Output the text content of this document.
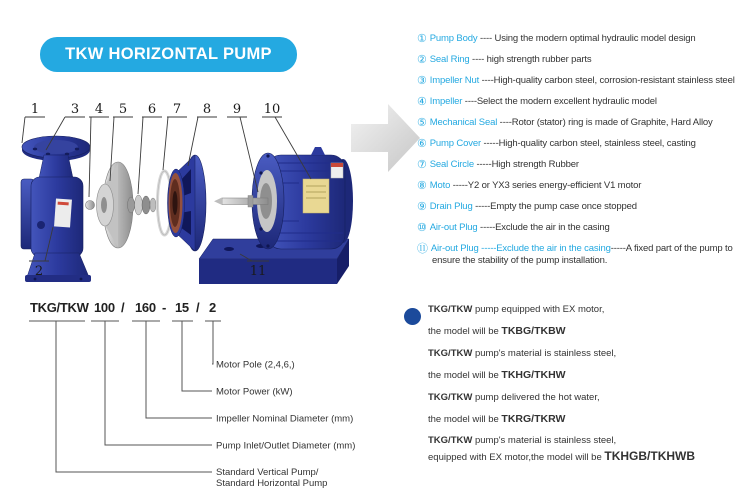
TKW HORIZONTAL PUMP
1 3 4 5 6 7 8 9 10
2	11
① Pump Body ---- Using the modern optimal hydraulic model design
② Seal Ring ---- high strength rubber parts
③ Impeller Nut ----High-quality carbon steel, corrosion-resistant stainless steel
④ Impeller ----Select the modern excellent hydraulic model
⑤ Mechanical Seal ----Rotor (stator) ring is made of Graphite, Hard Alloy
⑥ Pump Cover -----High-quality carbon steel, stainless steel, casting
⑦ Seal Circle -----High strength Rubber
⑧ Moto -----Y2 or YX3 series energy-efficient V1 motor
⑨ Drain Plug -----Empty the pump case once stopped
⑩ Air-out Plug -----Exclude the air in the casing
⑪ Air-out Plug -----Exclude the air in the casing-----A fixed part of the pump to ensure the stability of the pump installation.
TKG/TKW 100 / 160 - 15 / 2
Motor Pole (2,4,6,)
Motor Power (kW)
Impeller Nominal Diameter (mm)
Pump Inlet/Outlet Diameter (mm)
Standard Vertical Pump/
Standard Horizontal Pump
TKG/TKW pump equipped with EX motor,
the model will be TKBG/TKBW
TKG/TKW pump's material is stainless steel,
the model will be TKHG/TKHW
TKG/TKW pump delivered the hot water,
the model will be TKRG/TKRW
TKG/TKW pump's material is stainless steel,
equipped with EX motor,the model will be TKHGB/TKHWB
